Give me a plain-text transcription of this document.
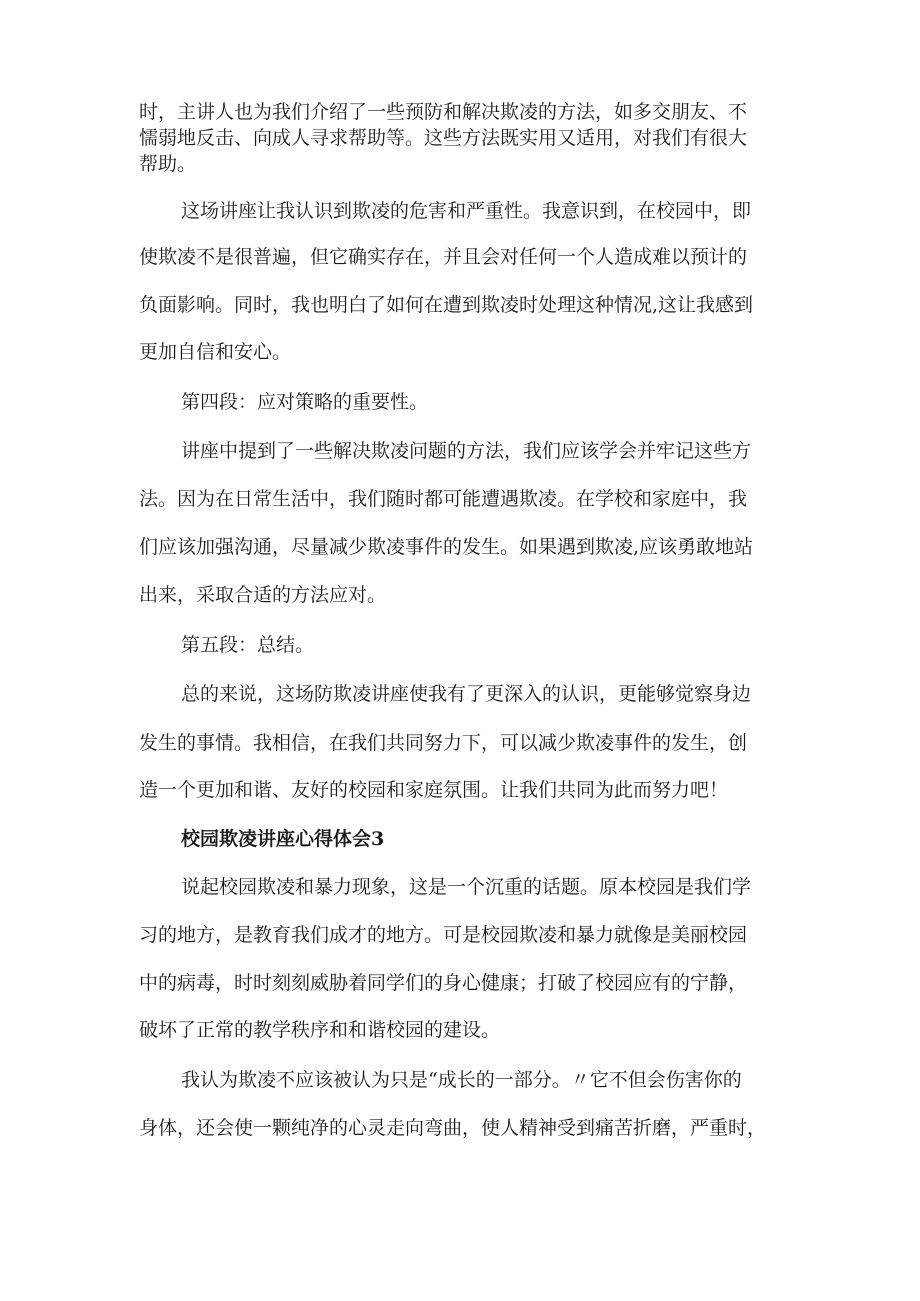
时，主讲人也为我们介绍了一些预防和解决欺凌的方法，如多交朋友、不
懦弱地反击、向成人寻求帮助等。这些方法既实用又适用，对我们有很大
帮助。
这场讲座让我认识到欺凌的危害和严重性。我意识到，在校园中，即
使欺凌不是很普遍，但它确实存在，并且会对任何一个人造成难以预计的
负面影响。同时，我也明白了如何在遭到欺凌时处理这种情况,这让我感到
更加自信和安心。
第四段：应对策略的重要性。
讲座中提到了一些解决欺凌问题的方法，我们应该学会并牢记这些方
法。因为在日常生活中，我们随时都可能遭遇欺凌。在学校和家庭中，我
们应该加强沟通，尽量减少欺凌事件的发生。如果遇到欺凌,应该勇敢地站
出来，采取合适的方法应对。
第五段：总结。
总的来说，这场防欺凌讲座使我有了更深入的认识，更能够觉察身边
发生的事情。我相信，在我们共同努力下，可以减少欺凌事件的发生，创
造一个更加和谐、友好的校园和家庭氛围。让我们共同为此而努力吧！
校园欺凌讲座心得体会3
说起校园欺凌和暴力现象，这是一个沉重的话题。原本校园是我们学
习的地方，是教育我们成才的地方。可是校园欺凌和暴力就像是美丽校园
中的病毒，时时刻刻威胁着同学们的身心健康；打破了校园应有的宁静，
破坏了正常的教学秩序和和谐校园的建设。
我认为欺凌不应该被认为只是“成长的一部分。〃它不但会伤害你的
身体，还会使一颗纯净的心灵走向弯曲，使人精神受到痛苦折磨，严重时，
